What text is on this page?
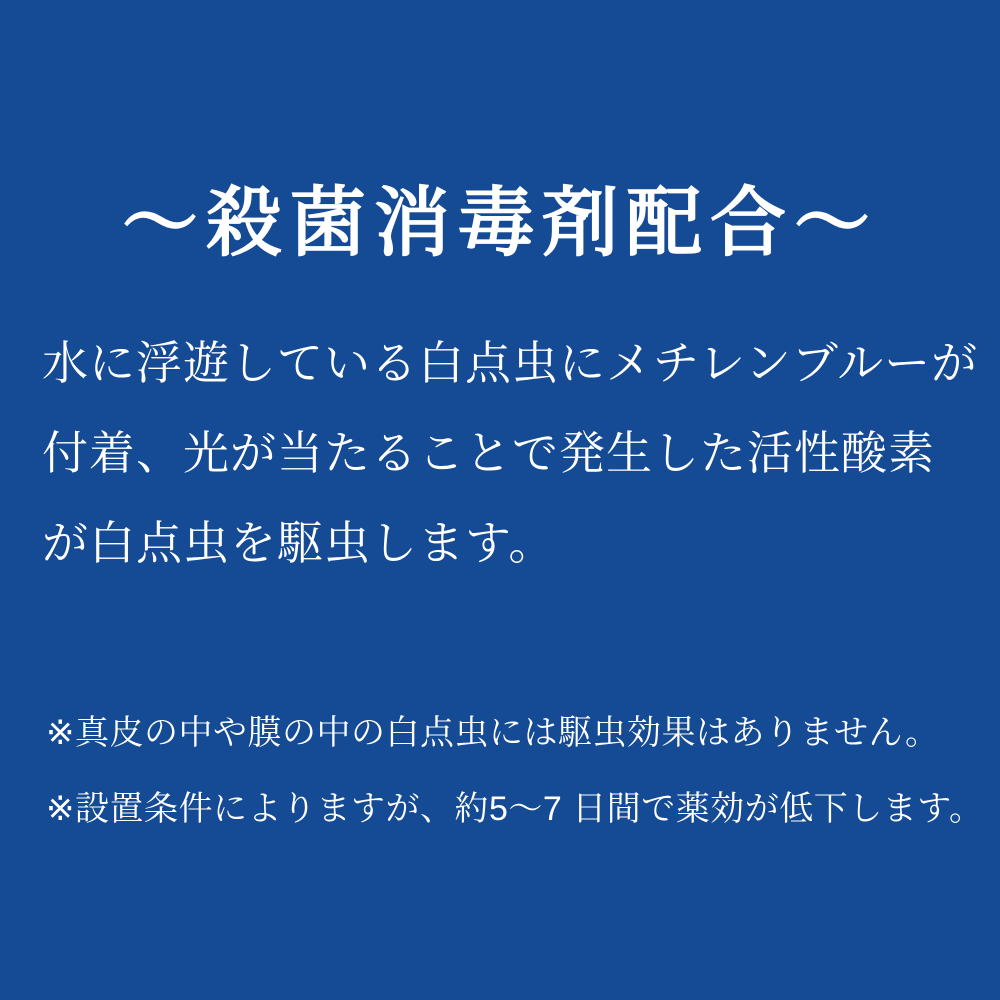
〜殺菌消毒剤配合〜
水に浮遊している白点虫にメチレンブルーが
付着、光が当たることで発生した活性酸素
が白点虫を駆虫します。
※真皮の中や膜の中の白点虫には駆虫効果はありません。
※設置条件によりますが、約5〜7 日間で薬効が低下します。
